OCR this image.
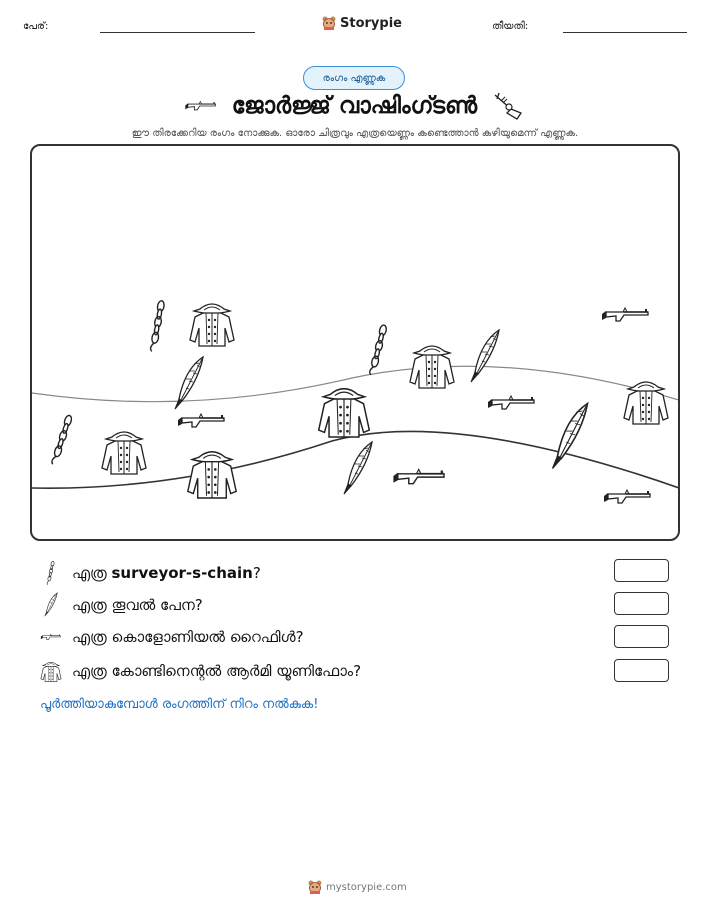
പേര്:	Storypie	തീയതി:
രംഗം എണ്ണുക
ജോർജ്ജ് വാഷിംഗ്ടൺ
ഈ തിരക്കേറിയ രംഗം നോക്കുക. ഓരോ ചിത്രവും എത്രയെണ്ണം കണ്ടെത്താൻ കഴിയുമെന്ന് എണ്ണുക.
എത്ര surveyor-s-chain?
എത്ര തൂവൽ പേന?
എത്ര കൊളോണിയൽ റൈഫിൾ?
എത്ര കോണ്ടിനെന്റൽ ആർമി യൂണിഫോം?
പൂർത്തിയാകുമ്പോൾ രംഗത്തിന് നിറം നൽകുക!
mystorypie.com
